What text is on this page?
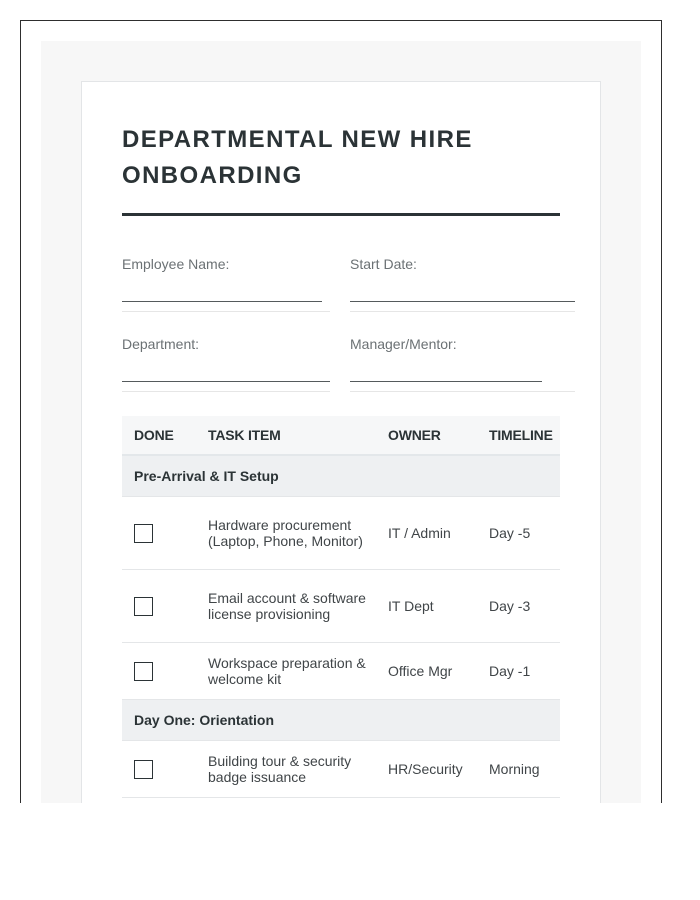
DEPARTMENTAL NEW HIRE ONBOARDING
Employee Name:	Start Date:
Department:	Manager/Mentor:
DONE	TASK ITEM	OWNER	TIMELINE
Pre-Arrival & IT Setup			
	Hardware procurement (Laptop, Phone, Monitor)	IT / Admin	Day -5
	Email account & software license provisioning	IT Dept	Day -3
	Workspace preparation & welcome kit	Office Mgr	Day -1
Day One: Orientation			
	Building tour & security badge issuance	HR/Security	Morning
